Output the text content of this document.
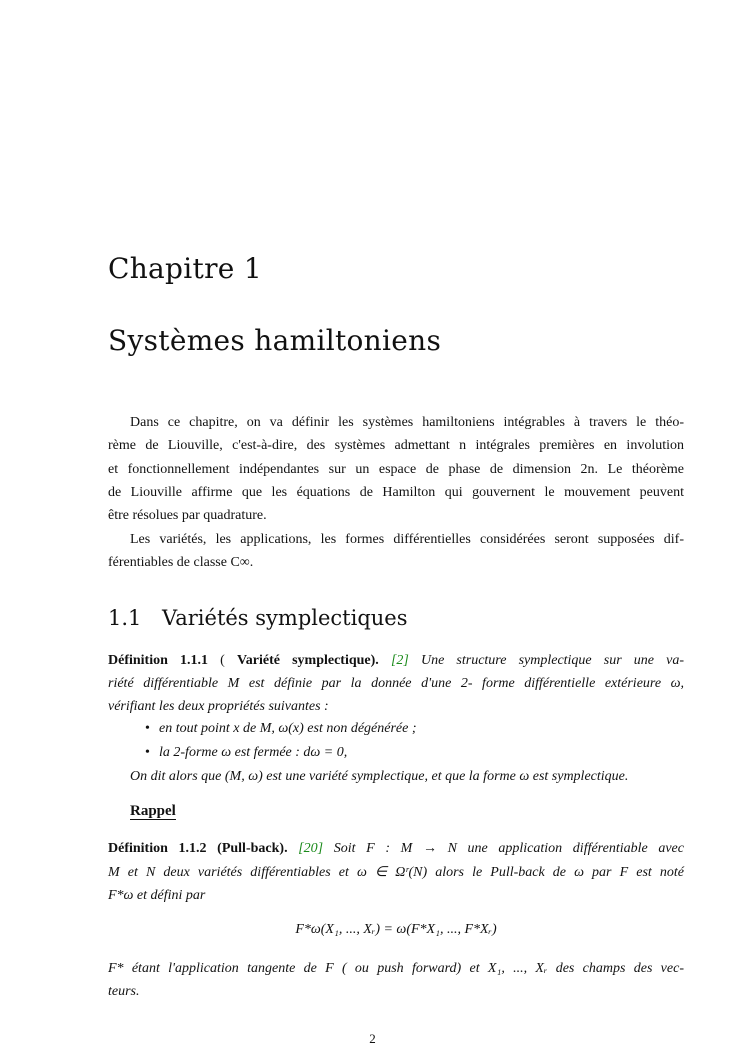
Chapitre 1
Systèmes hamiltoniens
Dans ce chapitre, on va définir les systèmes hamiltoniens intégrables à travers le théo-
rème de Liouville, c'est-à-dire, des systèmes admettant n intégrales premières en involution
et fonctionnellement indépendantes sur un espace de phase de dimension 2n. Le théorème
de Liouville affirme que les équations de Hamilton qui gouvernent le mouvement peuvent
être résolues par quadrature.
Les variétés, les applications, les formes différentielles considérées seront supposées dif-
férentiables de classe C∞.
1.1 Variétés symplectiques
Définition 1.1.1 ( Variété symplectique). [2] Une structure symplectique sur une va-
riété différentiable M est définie par la donnée d'une 2- forme différentielle extérieure ω,
vérifiant les deux propriétés suivantes :
• en tout point x de M, ω(x) est non dégénérée ;
• la 2-forme ω est fermée : dω = 0,
On dit alors que (M, ω) est une variété symplectique, et que la forme ω est symplectique.
Rappel
Définition 1.1.2 (Pull-back). [20] Soit F : M → N une application différentiable avec
M et N deux variétés différentiables et ω ∈ Ωʳ(N) alors le Pull-back de ω par F est noté
F*ω et défini par
F*ω(X₁, ..., Xᵣ) = ω(F*X₁, ..., F*Xᵣ)
F* étant l'application tangente de F ( ou push forward) et X₁, ..., Xᵣ des champs des vec-
teurs.
2
